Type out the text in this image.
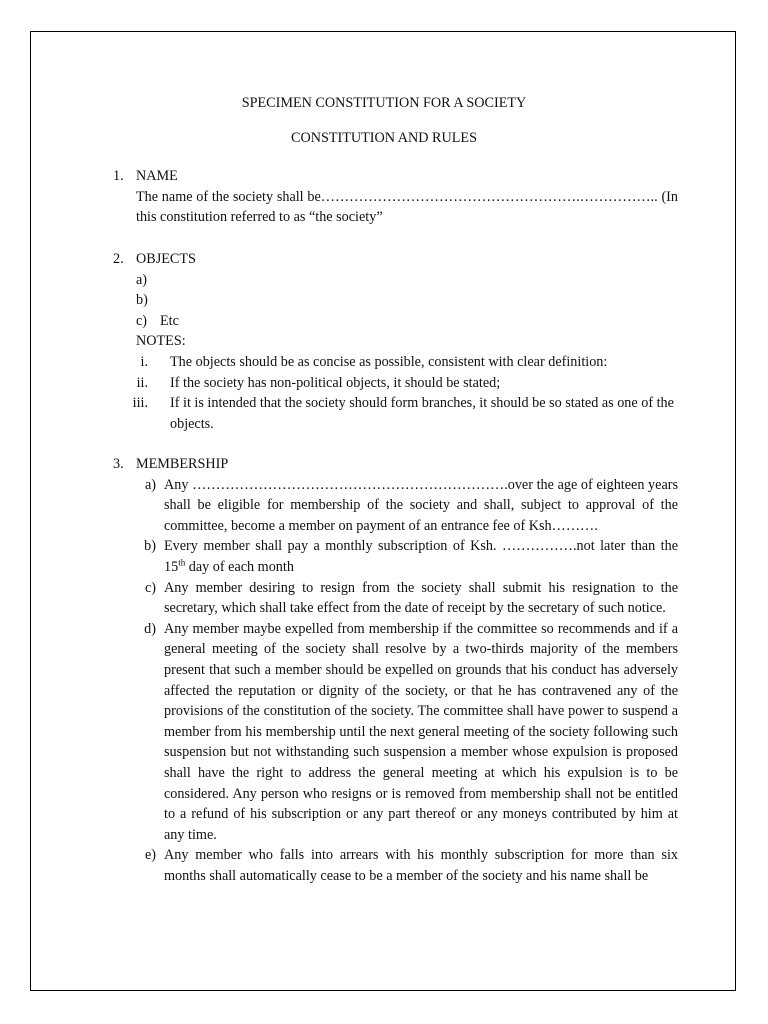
SPECIMEN CONSTITUTION FOR A SOCIETY
CONSTITUTION AND RULES
1. NAME

The name of the society shall be……………………………………………….…………….. (In this constitution referred to as “the society”

2. OBJECTS
a)
b)
c) Etc

NOTES:

i. The objects should be as concise as possible, consistent with clear definition:
ii. If the society has non-political objects, it should be stated;
iii. If it is intended that the society should form branches, it should be so stated as one of the objects.
3. MEMBERSHIP
a) Any ………………………………………………………….over the age of eighteen years shall be eligible for membership of the society and shall, subject to approval of the committee, become a member on payment of an entrance fee of Ksh……….
b) Every member shall pay a monthly subscription of Ksh. …………….not later than the 15th day of each month
c) Any member desiring to resign from the society shall submit his resignation to the secretary, which shall take effect from the date of receipt by the secretary of such notice.
d) Any member maybe expelled from membership if the committee so recommends and if a general meeting of the society shall resolve by a two-thirds majority of the members present that such a member should be expelled on grounds that his conduct has adversely affected the reputation or dignity of the society, or that he has contravened any of the provisions of the constitution of the society. The committee shall have power to suspend a member from his membership until the next general meeting of the society following such suspension but not withstanding such suspension a member whose expulsion is proposed shall have the right to address the general meeting at which his expulsion is to be considered. Any person who resigns or is removed from membership shall not be entitled to a refund of his subscription or any part thereof or any moneys contributed by him at any time.
e) Any member who falls into arrears with his monthly subscription for more than six months shall automatically cease to be a member of the society and his name shall be
